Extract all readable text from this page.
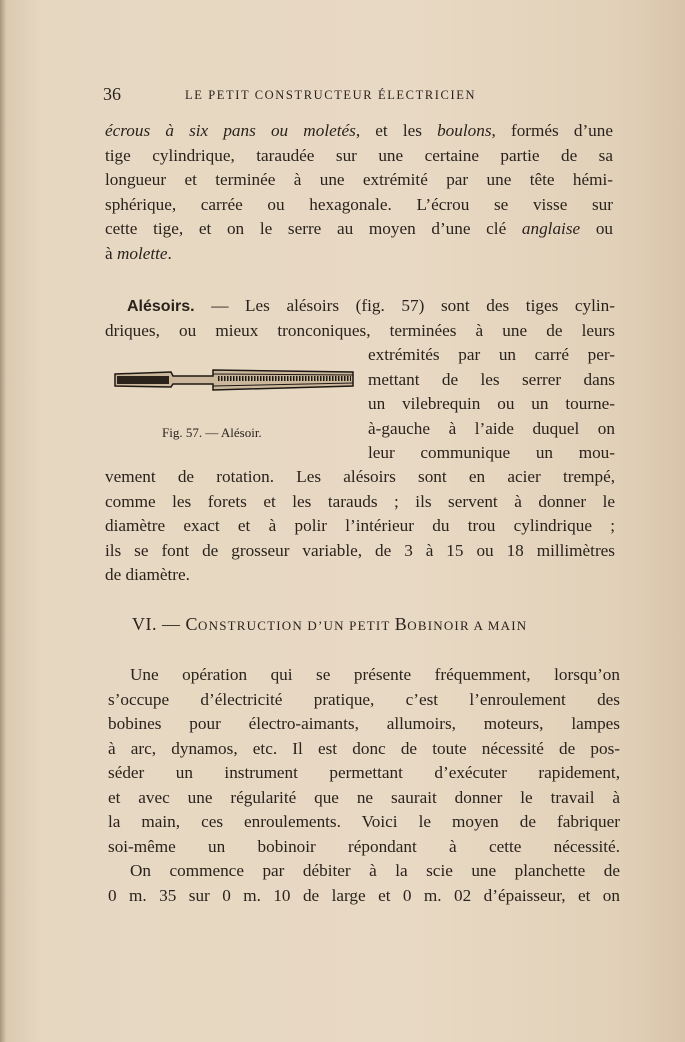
36	LE PETIT CONSTRUCTEUR ÉLECTRICIEN
écrous à six pans ou moletés, et les boulons, formés d’une
tige cylindrique, taraudée sur une certaine partie de sa
longueur et terminée à une extrémité par une tête hémi-
sphérique, carrée ou hexagonale. L’écrou se visse sur
cette tige, et on le serre au moyen d’une clé anglaise ou
à molette.
Alésoirs. — Les alésoirs (fig. 57) sont des tiges cylin-
driques, ou mieux tronconiques, terminées à une de leurs
extrémités par un carré per-
mettant de les serrer dans
un vilebrequin ou un tourne-
à-gauche à l’aide duquel on
leur communique un mou-
vement de rotation. Les alésoirs sont en acier trempé,
comme les forets et les tarauds ; ils servent à donner le
diamètre exact et à polir l’intérieur du trou cylindrique ;
ils se font de grosseur variable, de 3 à 15 ou 18 millimètres
de diamètre.
Fig. 57. — Alésoir.
VI. — CONSTRUCTION D’UN PETIT BOBINOIR A MAIN
Une opération qui se présente fréquemment, lorsqu’on
s’occupe d’électricité pratique, c’est l’enroulement des
bobines pour électro-aimants, allumoirs, moteurs, lampes
à arc, dynamos, etc. Il est donc de toute nécessité de pos-
séder un instrument permettant d’exécuter rapidement,
et avec une régularité que ne saurait donner le travail à
la main, ces enroulements. Voici le moyen de fabriquer
soi-même un bobinoir répondant à cette nécessité.
On commence par débiter à la scie une planchette de
0 m. 35 sur 0 m. 10 de large et 0 m. 02 d’épaisseur, et on
